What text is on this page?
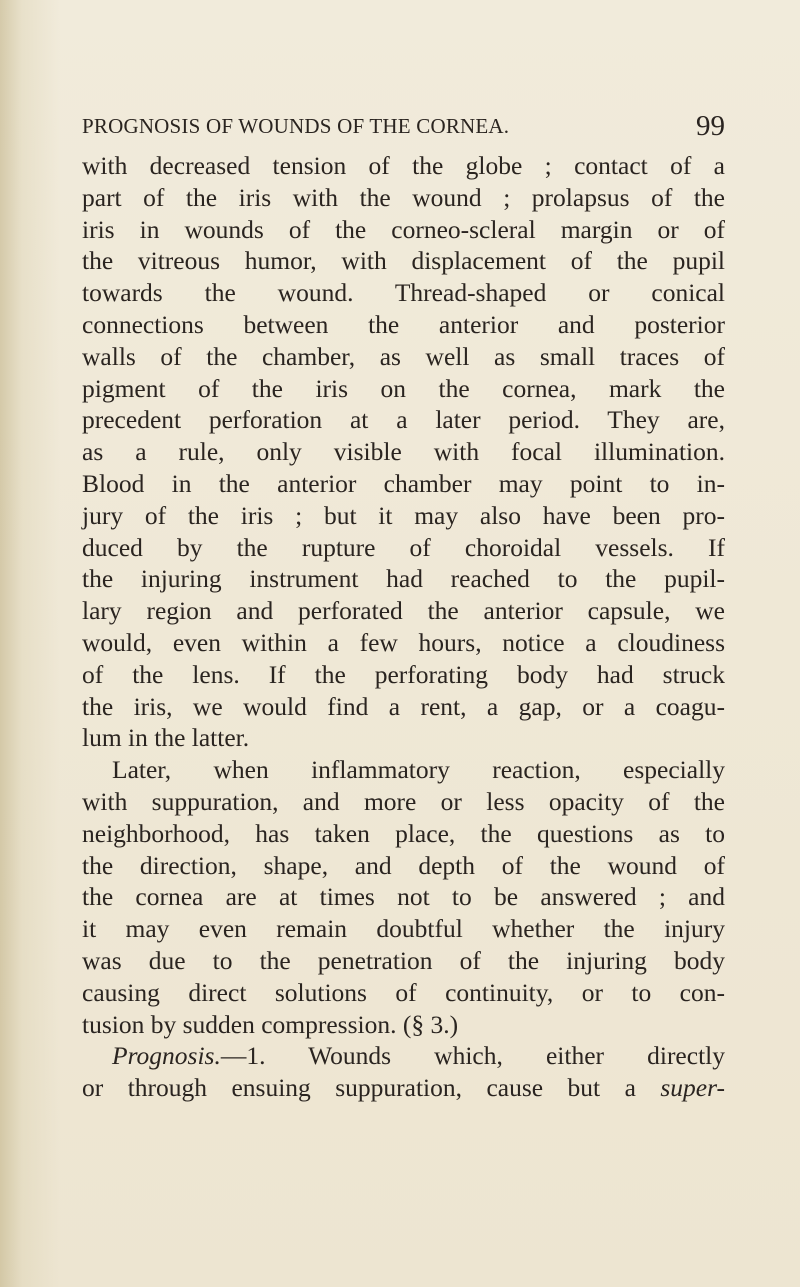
PROGNOSIS OF WOUNDS OF THE CORNEA.	99
with decreased tension of the globe ; contact of a
part of the iris with the wound ; prolapsus of the
iris in wounds of the corneo-scleral margin or of
the vitreous humor, with displacement of the pupil
towards the wound. Thread-shaped or conical
connections between the anterior and posterior
walls of the chamber, as well as small traces of
pigment of the iris on the cornea, mark the
precedent perforation at a later period. They are,
as a rule, only visible with focal illumination.
Blood in the anterior chamber may point to in-
jury of the iris ; but it may also have been pro-
duced by the rupture of choroidal vessels. If
the injuring instrument had reached to the pupil-
lary region and perforated the anterior capsule, we
would, even within a few hours, notice a cloudiness
of the lens. If the perforating body had struck
the iris, we would find a rent, a gap, or a coagu-
lum in the latter.
Later, when inflammatory reaction, especially
with suppuration, and more or less opacity of the
neighborhood, has taken place, the questions as to
the direction, shape, and depth of the wound of
the cornea are at times not to be answered ; and
it may even remain doubtful whether the injury
was due to the penetration of the injuring body
causing direct solutions of continuity, or to con-
tusion by sudden compression. (§ 3.)
Prognosis.—1. Wounds which, either directly
or through ensuing suppuration, cause but a super-
